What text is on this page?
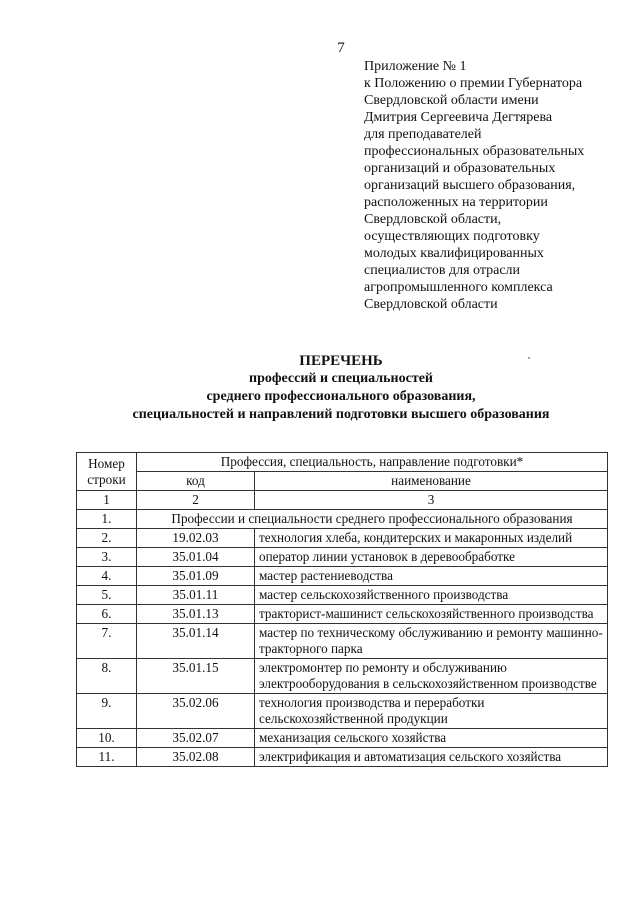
7
Приложение № 1
к Положению о премии Губернатора
Свердловской области имени
Дмитрия Сергеевича Дегтярева
для преподавателей
профессиональных образовательных
организаций и образовательных
организаций высшего образования,
расположенных на территории
Свердловской области,
осуществляющих подготовку
молодых квалифицированных
специалистов для отрасли
агропромышленного комплекса
Свердловской области
ПЕРЕЧЕНЬ
профессий и специальностей
среднего профессионального образования,
специальностей и направлений подготовки высшего образования
Номер строки	Профессия, специальность, направление подготовки*	
	код	наименование
1	2	3
1.	Профессии и специальности среднего профессионального образования	
2.	19.02.03	технология хлеба, кондитерских и макаронных изделий
3.	35.01.04	оператор линии установок в деревообработке
4.	35.01.09	мастер растениеводства
5.	35.01.11	мастер сельскохозяйственного производства
6.	35.01.13	тракторист-машинист сельскохозяйственного производства
7.	35.01.14	мастер по техническому обслуживанию и ремонту машинно-тракторного парка
8.	35.01.15	электромонтер по ремонту и обслуживанию электрооборудования в сельскохозяйственном производстве
9.	35.02.06	технология производства и переработки сельскохозяйственной продукции
10.	35.02.07	механизация сельского хозяйства
11.	35.02.08	электрификация и автоматизация сельского хозяйства
